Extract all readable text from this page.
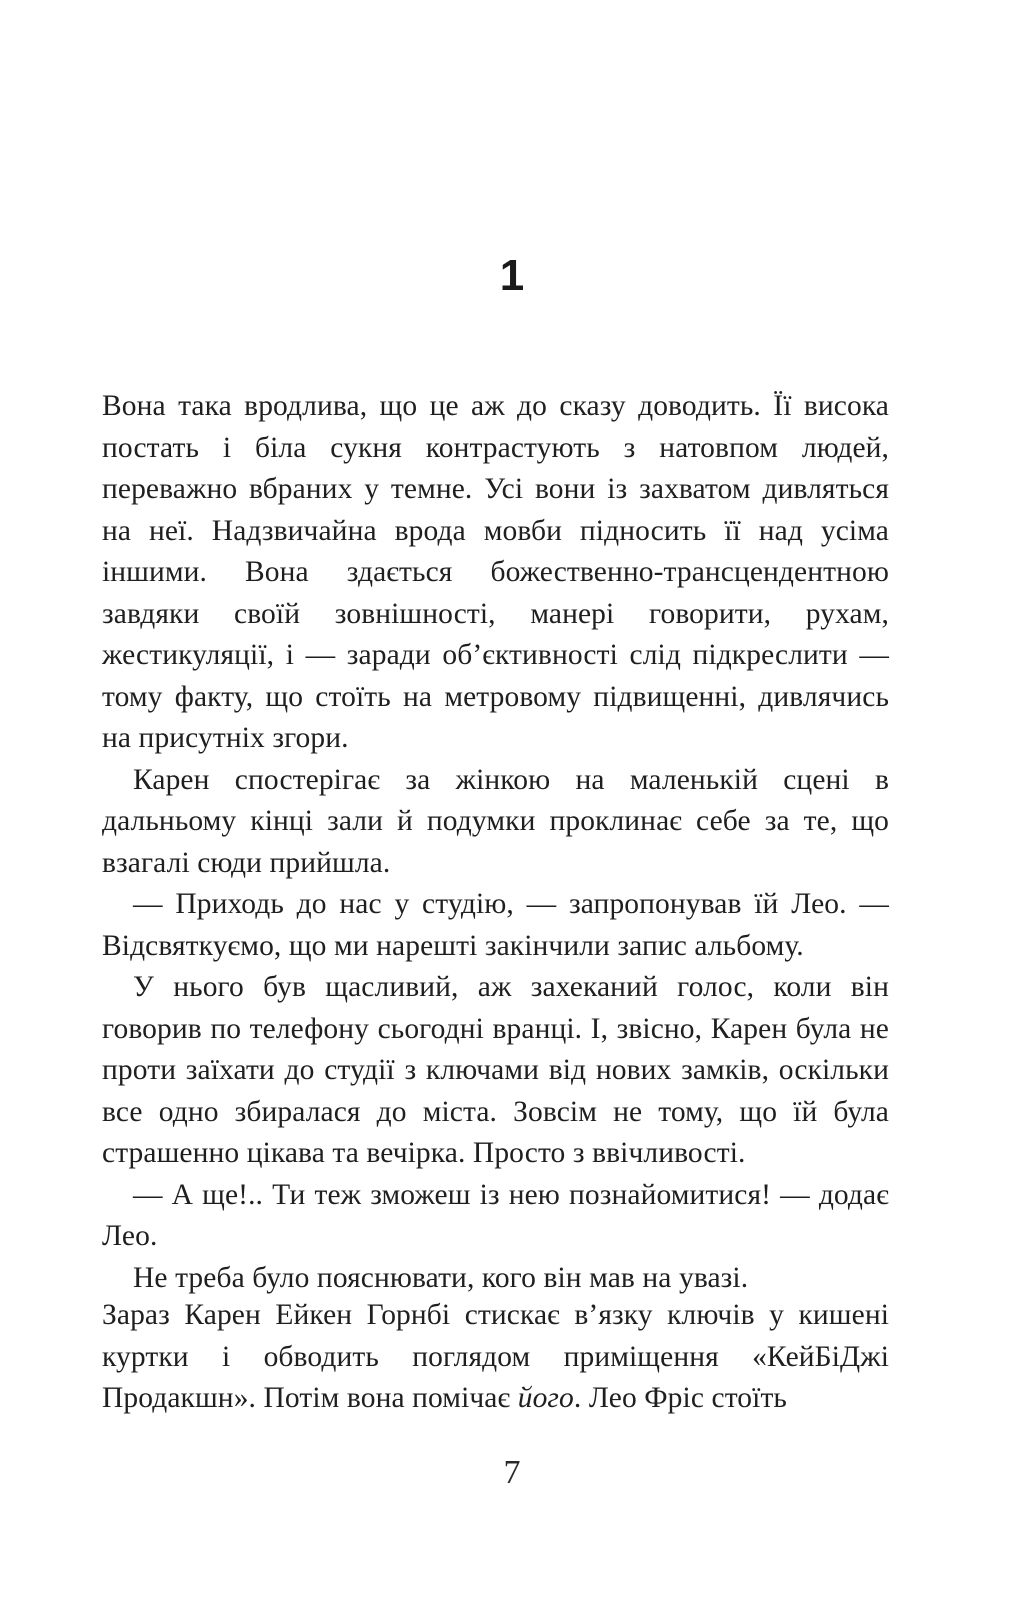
1

Вона така вродлива, що це аж до сказу доводить. Її висока постать і біла сукня контрастують з натовпом людей, переважно вбраних у темне. Усі вони із захватом дивляться на неї. Надзвичайна врода мовби підносить її над усіма іншими. Вона здається божественно-трансцендентною завдяки своїй зовнішності, манері говорити, рухам, жестикуляції, і — заради об’єктивності слід підкреслити — тому факту, що стоїть на метровому підвищенні, дивлячись на присутніх згори.

Карен спостерігає за жінкою на маленькій сцені в дальньому кінці зали й подумки проклинає себе за те, що взагалі сюди прийшла.

— Приходь до нас у студію, — запропонував їй Лео. — Відсвяткуємо, що ми нарешті закінчили запис альбому.

У нього був щасливий, аж захеканий голос, коли він говорив по телефону сьогодні вранці. І, звісно, Карен була не проти заїхати до студії з ключами від нових замків, оскільки все одно збиралася до міста. Зовсім не тому, що їй була страшенно цікава та вечірка. Просто з ввічливості.

— А ще!.. Ти теж зможеш із нею познайомитися! — додає Лео.

Не треба було пояснювати, кого він мав на увазі.

Зараз Карен Ейкен Горнбі стискає в’язку ключів у кишені куртки і обводить поглядом приміщення «КейБіДжі Продакшн». Потім вона помічає його. Лео Фріс стоїть

7
